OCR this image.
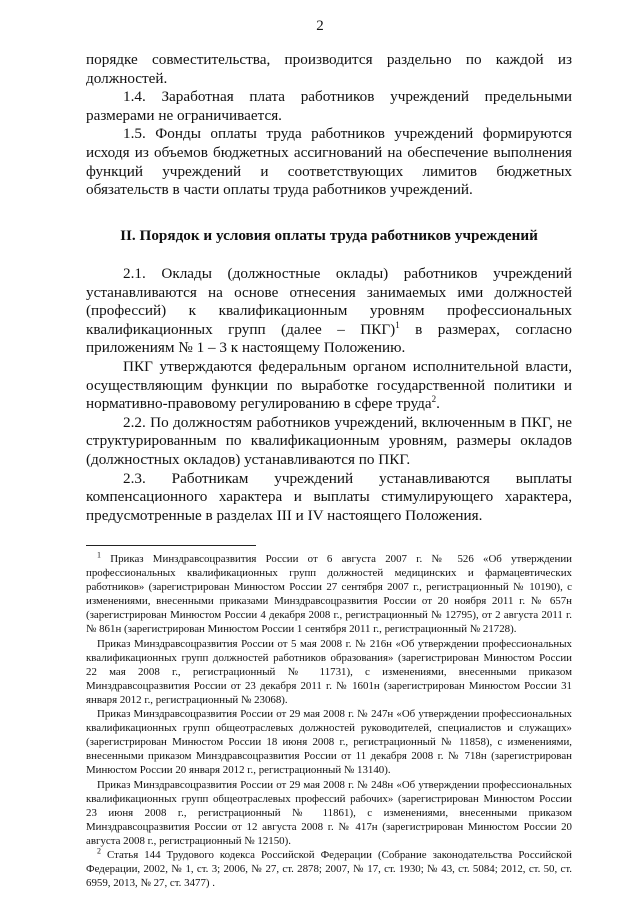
2

порядке совместительства, производится раздельно по каждой из должностей.

1.4. Заработная плата работников учреждений предельными размерами не ограничивается.

1.5. Фонды оплаты труда работников учреждений формируются исходя из объемов бюджетных ассигнований на обеспечение выполнения функций учреждений и соответствующих лимитов бюджетных обязательств в части оплаты труда работников учреждений.

II. Порядок и условия оплаты труда работников учреждений

2.1. Оклады (должностные оклады) работников учреждений устанавливаются на основе отнесения занимаемых ими должностей (профессий) к квалификационным уровням профессиональных квалификационных групп (далее – ПКГ)$^1$ в размерах, согласно приложениям № 1 – 3 к настоящему Положению.

ПКГ утверждаются федеральным органом исполнительной власти, осуществляющим функции по выработке государственной политики и нормативно-правовому регулированию в сфере труда$^2$.

2.2. По должностям работников учреждений, включенным в ПКГ, не структурированным по квалификационным уровням, размеры окладов (должностных окладов) устанавливаются по ПКГ.

2.3. Работникам учреждений устанавливаются выплаты компенсационного характера и выплаты стимулирующего характера, предусмотренные в разделах III и IV настоящего Положения.

$^1$ Приказ Минздравсоцразвития России от 6 августа 2007 г. № 526 «Об утверждении профессиональных квалификационных групп должностей медицинских и фармацевтических работников» (зарегистрирован Минюстом России 27 сентября 2007 г., регистрационный № 10190), с изменениями, внесенными приказами Минздравсоцразвития России от 20 ноября 2011 г. № 657н (зарегистрирован Минюстом России 4 декабря 2008 г., регистрационный № 12795), от 2 августа 2011 г. № 861н (зарегистрирован Минюстом России 1 сентября 2011 г., регистрационный № 21728).

Приказ Минздравсоцразвития России от 5 мая 2008 г. № 216н «Об утверждении профессиональных квалификационных групп должностей работников образования» (зарегистрирован Минюстом России 22 мая 2008 г., регистрационный № 11731), с изменениями, внесенными приказом Минздравсоцразвития России от 23 декабря 2011 г. № 1601н (зарегистрирован Минюстом России 31 января 2012 г., регистрационный № 23068).

Приказ Минздравсоцразвития России от 29 мая 2008 г. № 247н «Об утверждении профессиональных квалификационных групп общеотраслевых должностей руководителей, специалистов и служащих» (зарегистрирован Минюстом России 18 июня 2008 г., регистрационный № 11858), с изменениями, внесенными приказом Минздравсоцразвития России от 11 декабря 2008 г. № 718н (зарегистрирован Минюстом России 20 января 2012 г., регистрационный № 13140).

Приказ Минздравсоцразвития России от 29 мая 2008 г. № 248н «Об утверждении профессиональных квалификационных групп общеотраслевых профессий рабочих» (зарегистрирован Минюстом России 23 июня 2008 г., регистрационный № 11861), с изменениями, внесенными приказом Минздравсоцразвития России от 12 августа 2008 г. № 417н (зарегистрирован Минюстом России 20 августа 2008 г., регистрационный № 12150).

$^2$ Статья 144 Трудового кодекса Российской Федерации (Собрание законодательства Российской Федерации, 2002, № 1, ст. 3; 2006, № 27, ст. 2878; 2007, № 17, ст. 1930; № 43, ст. 5084; 2012, ст. 50, ст. 6959, 2013, № 27, ст. 3477) .
